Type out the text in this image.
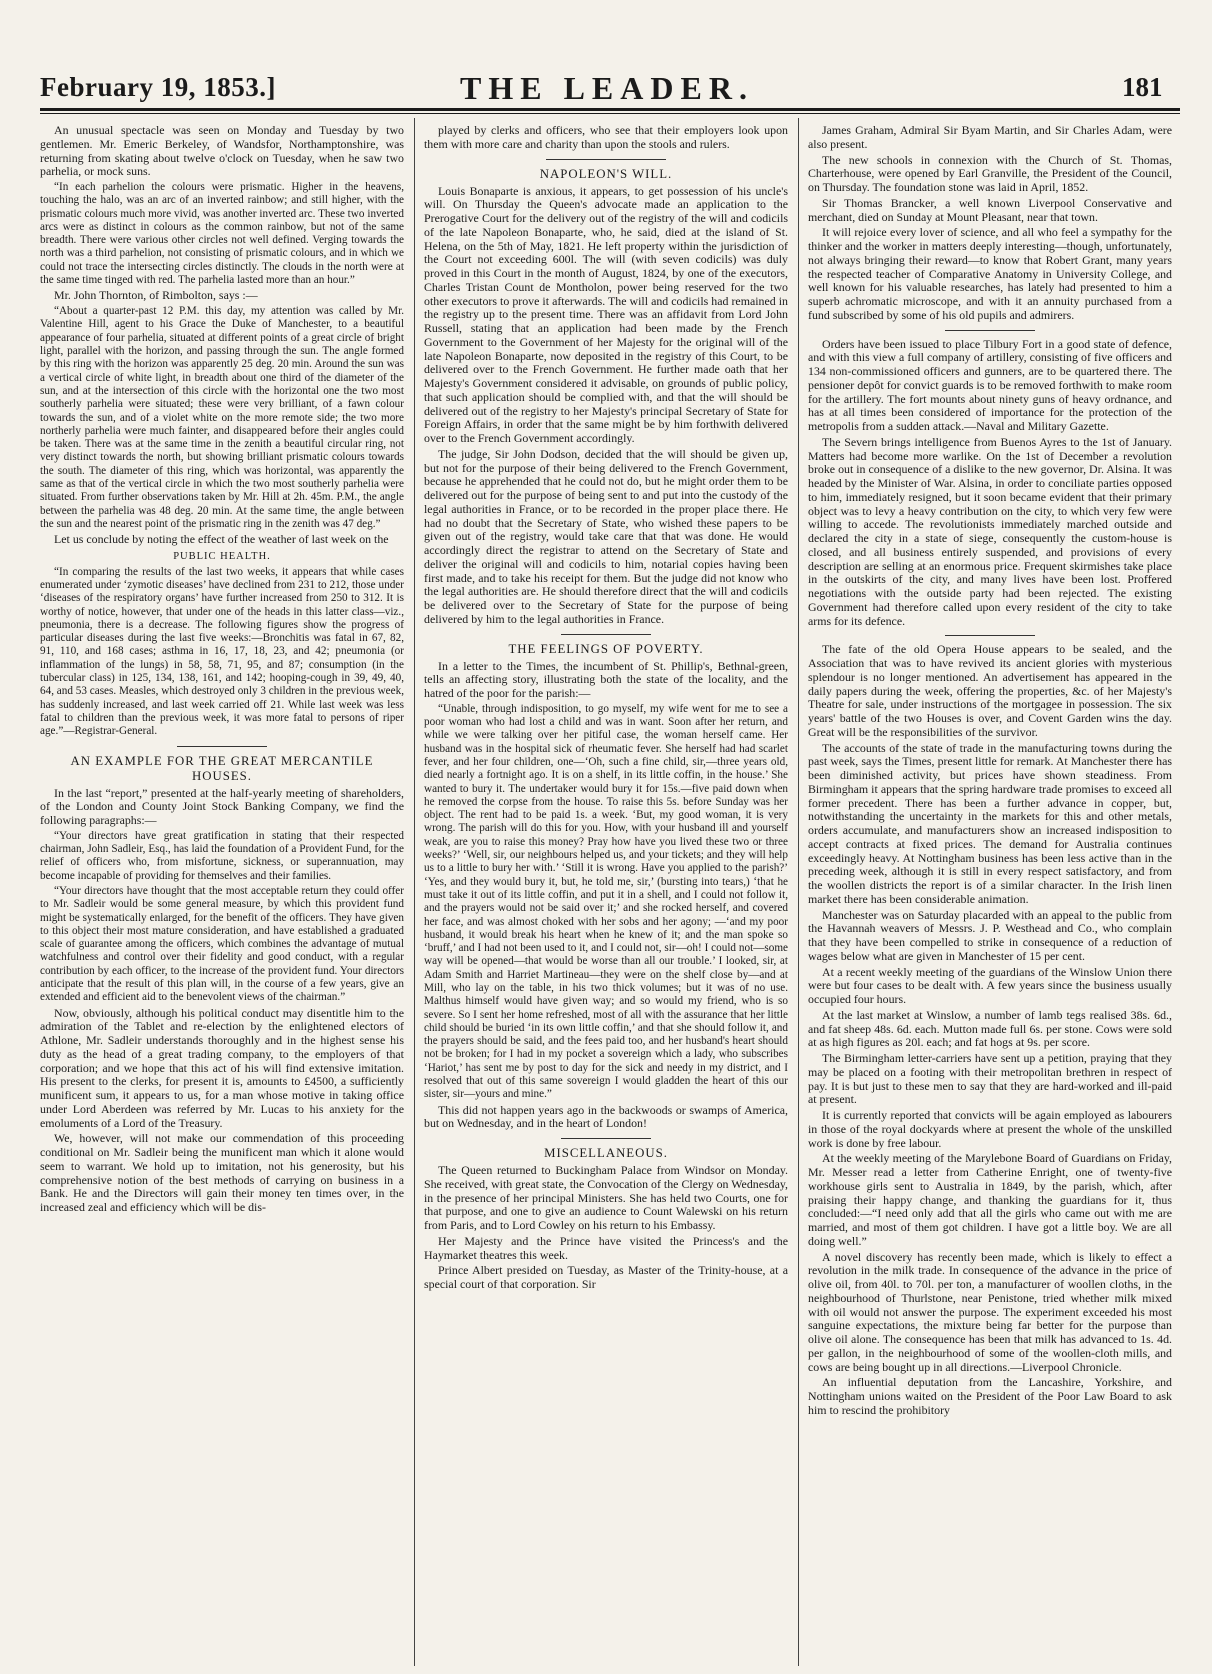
February 19, 1853.]	THE LEADER.	181

An unusual spectacle was seen on Monday and Tuesday by two gentlemen. Mr. Emeric Berkeley, of Wandsfor, Northamptonshire, was returning from skating about twelve o'clock on Tuesday, when he saw two parhelia, or mock suns.

“In each parhelion the colours were prismatic. Higher in the heavens, touching the halo, was an arc of an inverted rainbow; and still higher, with the prismatic colours much more vivid, was another inverted arc. These two inverted arcs were as distinct in colours as the common rainbow, but not of the same breadth. There were various other circles not well defined. Verging towards the north was a third parhelion, not consisting of prismatic colours, and in which we could not trace the intersecting circles distinctly. The clouds in the north were at the same time tinged with red. The parhelia lasted more than an hour.”

Mr. John Thornton, of Rimbolton, says :—

“About a quarter-past 12 P.M. this day, my attention was called by Mr. Valentine Hill, agent to his Grace the Duke of Manchester, to a beautiful appearance of four parhelia, situated at different points of a great circle of bright light, parallel with the horizon, and passing through the sun. The angle formed by this ring with the horizon was apparently 25 deg. 20 min. Around the sun was a vertical circle of white light, in breadth about one third of the diameter of the sun, and at the intersection of this circle with the horizontal one the two most southerly parhelia were situated; these were very brilliant, of a fawn colour towards the sun, and of a violet white on the more remote side; the two more northerly parhelia were much fainter, and disappeared before their angles could be taken. There was at the same time in the zenith a beautiful circular ring, not very distinct towards the north, but showing brilliant prismatic colours towards the south. The diameter of this ring, which was horizontal, was apparently the same as that of the vertical circle in which the two most southerly parhelia were situated. From further observations taken by Mr. Hill at 2h. 45m. P.M., the angle between the parhelia was 48 deg. 20 min. At the same time, the angle between the sun and the nearest point of the prismatic ring in the zenith was 47 deg.”

Let us conclude by noting the effect of the weather of last week on the

PUBLIC HEALTH.

“In comparing the results of the last two weeks, it appears that while cases enumerated under ‘zymotic diseases’ have declined from 231 to 212, those under ‘diseases of the respiratory organs’ have further increased from 250 to 312. It is worthy of notice, however, that under one of the heads in this latter class—viz., pneumonia, there is a decrease. The following figures show the progress of particular diseases during the last five weeks:—Bronchitis was fatal in 67, 82, 91, 110, and 168 cases; asthma in 16, 17, 18, 23, and 42; pneumonia (or inflammation of the lungs) in 58, 58, 71, 95, and 87; consumption (in the tubercular class) in 125, 134, 138, 161, and 142; hooping-cough in 39, 49, 40, 64, and 53 cases. Measles, which destroyed only 3 children in the previous week, has suddenly increased, and last week carried off 21. While last week was less fatal to children than the previous week, it was more fatal to persons of riper age.”—Registrar-General.

AN EXAMPLE FOR THE GREAT MERCANTILE HOUSES.

In the last “report,” presented at the half-yearly meeting of shareholders, of the London and County Joint Stock Banking Company, we find the following paragraphs:—

“Your directors have great gratification in stating that their respected chairman, John Sadleir, Esq., has laid the foundation of a Provident Fund, for the relief of officers who, from misfortune, sickness, or superannuation, may become incapable of providing for themselves and their families.

“Your directors have thought that the most acceptable return they could offer to Mr. Sadleir would be some general measure, by which this provident fund might be systematically enlarged, for the benefit of the officers. They have given to this object their most mature consideration, and have established a graduated scale of guarantee among the officers, which combines the advantage of mutual watchfulness and control over their fidelity and good conduct, with a regular contribution by each officer, to the increase of the provident fund. Your directors anticipate that the result of this plan will, in the course of a few years, give an extended and efficient aid to the benevolent views of the chairman.”

Now, obviously, although his political conduct may disentitle him to the admiration of the Tablet and re-election by the enlightened electors of Athlone, Mr. Sadleir understands thoroughly and in the highest sense his duty as the head of a great trading company, to the employers of that corporation; and we hope that this act of his will find extensive imitation. His present to the clerks, for present it is, amounts to £4500, a sufficiently munificent sum, it appears to us, for a man whose motive in taking office under Lord Aberdeen was referred by Mr. Lucas to his anxiety for the emoluments of a Lord of the Treasury.

We, however, will not make our commendation of this proceeding conditional on Mr. Sadleir being the munificent man which it alone would seem to warrant. We hold up to imitation, not his generosity, but his comprehensive notion of the best methods of carrying on business in a Bank. He and the Directors will gain their money ten times over, in the increased zeal and efficiency which will be dis-

played by clerks and officers, who see that their employers look upon them with more care and charity than upon the stools and rulers.

NAPOLEON'S WILL.

Louis Bonaparte is anxious, it appears, to get possession of his uncle's will. On Thursday the Queen's advocate made an application to the Prerogative Court for the delivery out of the registry of the will and codicils of the late Napoleon Bonaparte, who, he said, died at the island of St. Helena, on the 5th of May, 1821. He left property within the jurisdiction of the Court not exceeding 600l. The will (with seven codicils) was duly proved in this Court in the month of August, 1824, by one of the executors, Charles Tristan Count de Montholon, power being reserved for the two other executors to prove it afterwards. The will and codicils had remained in the registry up to the present time. There was an affidavit from Lord John Russell, stating that an application had been made by the French Government to the Government of her Majesty for the original will of the late Napoleon Bonaparte, now deposited in the registry of this Court, to be delivered over to the French Government. He further made oath that her Majesty's Government considered it advisable, on grounds of public policy, that such application should be complied with, and that the will should be delivered out of the registry to her Majesty's principal Secretary of State for Foreign Affairs, in order that the same might be by him forthwith delivered over to the French Government accordingly.

The judge, Sir John Dodson, decided that the will should be given up, but not for the purpose of their being delivered to the French Government, because he apprehended that he could not do, but he might order them to be delivered out for the purpose of being sent to and put into the custody of the legal authorities in France, or to be recorded in the proper place there. He had no doubt that the Secretary of State, who wished these papers to be given out of the registry, would take care that that was done. He would accordingly direct the registrar to attend on the Secretary of State and deliver the original will and codicils to him, notarial copies having been first made, and to take his receipt for them. But the judge did not know who the legal authorities are. He should therefore direct that the will and codicils be delivered over to the Secretary of State for the purpose of being delivered by him to the legal authorities in France.

THE FEELINGS OF POVERTY.

In a letter to the Times, the incumbent of St. Phillip's, Bethnal-green, tells an affecting story, illustrating both the state of the locality, and the hatred of the poor for the parish:—

“Unable, through indisposition, to go myself, my wife went for me to see a poor woman who had lost a child and was in want. Soon after her return, and while we were talking over her pitiful case, the woman herself came. Her husband was in the hospital sick of rheumatic fever. She herself had had scarlet fever, and her four children, one—‘Oh, such a fine child, sir,—three years old, died nearly a fortnight ago. It is on a shelf, in its little coffin, in the house.’ She wanted to bury it. The undertaker would bury it for 15s.—five paid down when he removed the corpse from the house. To raise this 5s. before Sunday was her object. The rent had to be paid 1s. a week. ‘But, my good woman, it is very wrong. The parish will do this for you. How, with your husband ill and yourself weak, are you to raise this money? Pray how have you lived these two or three weeks?’ ‘Well, sir, our neighbours helped us, and your tickets; and they will help us to a little to bury her with.’ ‘Still it is wrong. Have you applied to the parish?’ ‘Yes, and they would bury it, but, he told me, sir,’ (bursting into tears,) ‘that he must take it out of its little coffin, and put it in a shell, and I could not follow it, and the prayers would not be said over it;’ and she rocked herself, and covered her face, and was almost choked with her sobs and her agony; —‘and my poor husband, it would break his heart when he knew of it; and the man spoke so ‘bruff,’ and I had not been used to it, and I could not, sir—oh! I could not—some way will be opened—that would be worse than all our trouble.’ I looked, sir, at Adam Smith and Harriet Martineau—they were on the shelf close by—and at Mill, who lay on the table, in his two thick volumes; but it was of no use. Malthus himself would have given way; and so would my friend, who is so severe. So I sent her home refreshed, most of all with the assurance that her little child should be buried ‘in its own little coffin,’ and that she should follow it, and the prayers should be said, and the fees paid too, and her husband's heart should not be broken; for I had in my pocket a sovereign which a lady, who subscribes ‘Hariot,’ has sent me by post to day for the sick and needy in my district, and I resolved that out of this same sovereign I would gladden the heart of this our sister, sir—yours and mine.”

This did not happen years ago in the backwoods or swamps of America, but on Wednesday, and in the heart of London!

MISCELLANEOUS.

The Queen returned to Buckingham Palace from Windsor on Monday. She received, with great state, the Convocation of the Clergy on Wednesday, in the presence of her principal Ministers. She has held two Courts, one for that purpose, and one to give an audience to Count Walewski on his return from Paris, and to Lord Cowley on his return to his Embassy.

Her Majesty and the Prince have visited the Princess's and the Haymarket theatres this week.

Prince Albert presided on Tuesday, as Master of the Trinity-house, at a special court of that corporation. Sir

James Graham, Admiral Sir Byam Martin, and Sir Charles Adam, were also present.

The new schools in connexion with the Church of St. Thomas, Charterhouse, were opened by Earl Granville, the President of the Council, on Thursday. The foundation stone was laid in April, 1852.

Sir Thomas Brancker, a well known Liverpool Conservative and merchant, died on Sunday at Mount Pleasant, near that town.

It will rejoice every lover of science, and all who feel a sympathy for the thinker and the worker in matters deeply interesting—though, unfortunately, not always bringing their reward—to know that Robert Grant, many years the respected teacher of Comparative Anatomy in University College, and well known for his valuable researches, has lately had presented to him a superb achromatic microscope, and with it an annuity purchased from a fund subscribed by some of his old pupils and admirers.

Orders have been issued to place Tilbury Fort in a good state of defence, and with this view a full company of artillery, consisting of five officers and 134 non-commissioned officers and gunners, are to be quartered there. The pensioner depôt for convict guards is to be removed forthwith to make room for the artillery. The fort mounts about ninety guns of heavy ordnance, and has at all times been considered of importance for the protection of the metropolis from a sudden attack.—Naval and Military Gazette.

The Severn brings intelligence from Buenos Ayres to the 1st of January. Matters had become more warlike. On the 1st of December a revolution broke out in consequence of a dislike to the new governor, Dr. Alsina. It was headed by the Minister of War. Alsina, in order to conciliate parties opposed to him, immediately resigned, but it soon became evident that their primary object was to levy a heavy contribution on the city, to which very few were willing to accede. The revolutionists immediately marched outside and declared the city in a state of siege, consequently the custom-house is closed, and all business entirely suspended, and provisions of every description are selling at an enormous price. Frequent skirmishes take place in the outskirts of the city, and many lives have been lost. Proffered negotiations with the outside party had been rejected. The existing Government had therefore called upon every resident of the city to take arms for its defence.

The fate of the old Opera House appears to be sealed, and the Association that was to have revived its ancient glories with mysterious splendour is no longer mentioned. An advertisement has appeared in the daily papers during the week, offering the properties, &c. of her Majesty's Theatre for sale, under instructions of the mortgagee in possession. The six years' battle of the two Houses is over, and Covent Garden wins the day. Great will be the responsibilities of the survivor.

The accounts of the state of trade in the manufacturing towns during the past week, says the Times, present little for remark. At Manchester there has been diminished activity, but prices have shown steadiness. From Birmingham it appears that the spring hardware trade promises to exceed all former precedent. There has been a further advance in copper, but, notwithstanding the uncertainty in the markets for this and other metals, orders accumulate, and manufacturers show an increased indisposition to accept contracts at fixed prices. The demand for Australia continues exceedingly heavy. At Nottingham business has been less active than in the preceding week, although it is still in every respect satisfactory, and from the woollen districts the report is of a similar character. In the Irish linen market there has been considerable animation.

Manchester was on Saturday placarded with an appeal to the public from the Havannah weavers of Messrs. J. P. Westhead and Co., who complain that they have been compelled to strike in consequence of a reduction of wages below what are given in Manchester of 15 per cent.

At a recent weekly meeting of the guardians of the Winslow Union there were but four cases to be dealt with. A few years since the business usually occupied four hours.

At the last market at Winslow, a number of lamb tegs realised 38s. 6d., and fat sheep 48s. 6d. each. Mutton made full 6s. per stone. Cows were sold at as high figures as 20l. each; and fat hogs at 9s. per score.

The Birmingham letter-carriers have sent up a petition, praying that they may be placed on a footing with their metropolitan brethren in respect of pay. It is but just to these men to say that they are hard-worked and ill-paid at present.

It is currently reported that convicts will be again employed as labourers in those of the royal dockyards where at present the whole of the unskilled work is done by free labour.

At the weekly meeting of the Marylebone Board of Guardians on Friday, Mr. Messer read a letter from Catherine Enright, one of twenty-five workhouse girls sent to Australia in 1849, by the parish, which, after praising their happy change, and thanking the guardians for it, thus concluded:—“I need only add that all the girls who came out with me are married, and most of them got children. I have got a little boy. We are all doing well.”

A novel discovery has recently been made, which is likely to effect a revolution in the milk trade. In consequence of the advance in the price of olive oil, from 40l. to 70l. per ton, a manufacturer of woollen cloths, in the neighbourhood of Thurlstone, near Penistone, tried whether milk mixed with oil would not answer the purpose. The experiment exceeded his most sanguine expectations, the mixture being far better for the purpose than olive oil alone. The consequence has been that milk has advanced to 1s. 4d. per gallon, in the neighbourhood of some of the woollen-cloth mills, and cows are being bought up in all directions.—Liverpool Chronicle.

An influential deputation from the Lancashire, Yorkshire, and Nottingham unions waited on the President of the Poor Law Board to ask him to rescind the prohibitory
